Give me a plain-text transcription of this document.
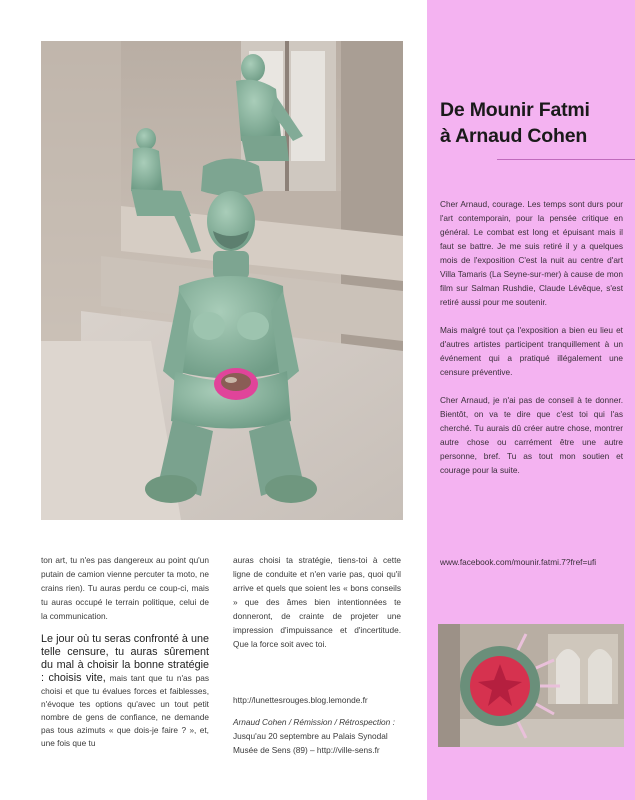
De Mounir Fatmi
à Arnaud Cohen

Cher Arnaud, courage. Les temps sont durs pour l'art contemporain, pour la pensée critique en général. Le combat est long et épuisant mais il faut se battre. Je me suis retiré il y a quelques mois de l'exposition C'est la nuit au centre d'art Villa Tamaris (La Seyne-sur-mer) à cause de mon film sur Salman Rushdie, Claude Lévêque, s'est retiré aussi pour me soutenir.

Mais malgré tout ça l'exposition a bien eu lieu et d'autres artistes participent tranquillement à un événement qui a pratiqué illégalement une censure préventive.

Cher Arnaud, je n'ai pas de conseil à te donner. Bientôt, on va te dire que c'est toi qui l'as cherché. Tu aurais dû créer autre chose, montrer autre chose ou carrément être une autre personne, bref. Tu as tout mon soutien et courage pour la suite.

www.facebook.com/mounir.fatmi.7?fref=ufi

ton art, tu n'es pas dangereux au point qu'un putain de camion vienne percuter ta moto, ne crains rien). Tu auras perdu ce coup-ci, mais tu auras occupé le terrain politique, celui de la communication.

Le jour où tu seras confronté à une telle censure, tu auras sûrement du mal à choisir la bonne stratégie : choisis vite, mais tant que tu n'as pas choisi et que tu évalues forces et faiblesses, n'évoque tes options qu'avec un tout petit nombre de gens de confiance, ne demande pas tous azimuts « que dois-je faire ? », et, une fois que tu

auras choisi ta stratégie, tiens-toi à cette ligne de conduite et n'en varie pas, quoi qu'il arrive et quels que soient les « bons conseils » que des âmes bien intentionnées te donneront, de crainte de projeter une impression d'impuissance et d'incertitude. Que la force soit avec toi.

http://lunettesrouges.blog.lemonde.fr

Arnaud Cohen / Rémission / Rétrospection :
Jusqu'au 20 septembre au Palais Synodal
Musée de Sens (89) – http://ville-sens.fr
